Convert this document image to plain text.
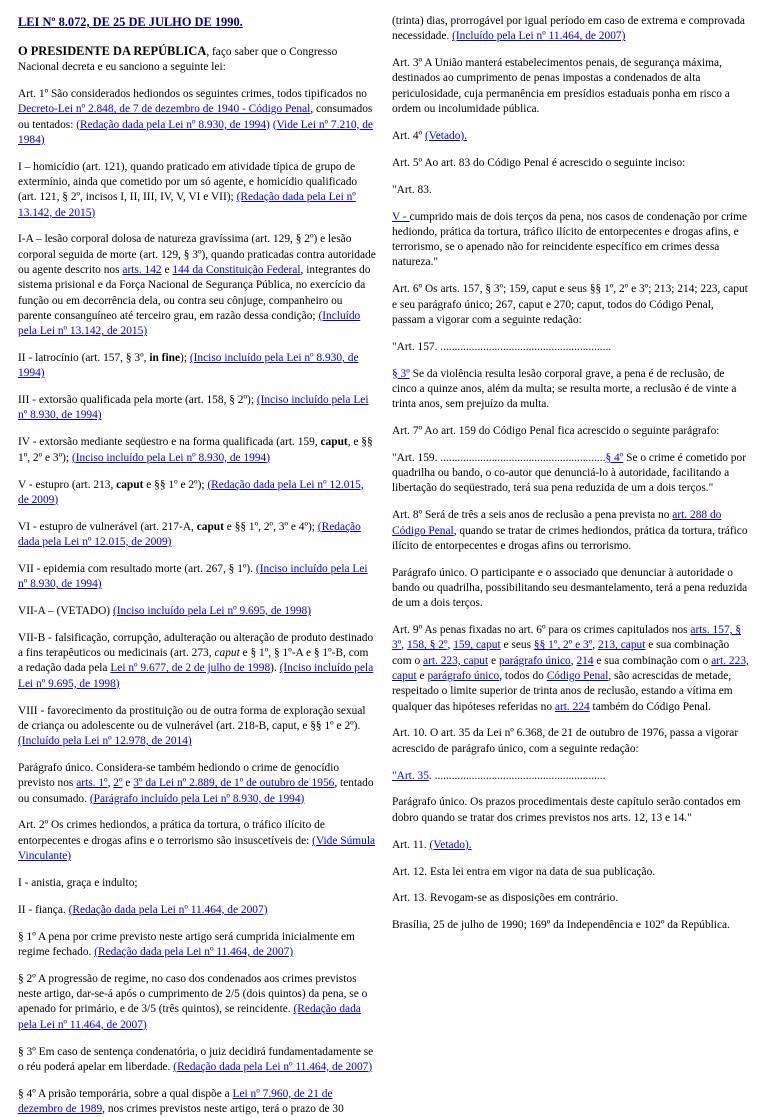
LEI Nº 8.072, DE 25 DE JULHO DE 1990.

O PRESIDENTE DA REPÚBLICA, faço saber que o Congresso Nacional decreta e eu sanciono a seguinte lei:

Art. 1º São considerados hediondos os seguintes crimes, todos tipificados no Decreto-Lei nº 2.848, de 7 de dezembro de 1940 - Código Penal, consumados ou tentados: (Redação dada pela Lei nº 8.930, de 1994) (Vide Lei nº 7.210, de 1984)

I – homicídio (art. 121), quando praticado em atividade típica de grupo de extermínio, ainda que cometido por um só agente, e homicídio qualificado (art. 121, § 2º, incisos I, II, III, IV, V, VI e VII); (Redação dada pela Lei nº 13.142, de 2015)

I-A – lesão corporal dolosa de natureza gravíssima (art. 129, § 2º) e lesão corporal seguida de morte (art. 129, § 3º), quando praticadas contra autoridade ou agente descrito nos arts. 142 e 144 da Constituição Federal, integrantes do sistema prisional e da Força Nacional de Segurança Pública, no exercício da função ou em decorrência dela, ou contra seu cônjuge, companheiro ou parente consanguíneo até terceiro grau, em razão dessa condição; (Incluído pela Lei nº 13.142, de 2015)

II - latrocínio (art. 157, § 3º, in fine); (Inciso incluído pela Lei nº 8.930, de 1994)

III - extorsão qualificada pela morte (art. 158, § 2º); (Inciso incluído pela Lei nº 8.930, de 1994)

IV - extorsão mediante seqüestro e na forma qualificada (art. 159, caput, e §§ 1º, 2º e 3º); (Inciso incluído pela Lei nº 8.930, de 1994)

V - estupro (art. 213, caput e §§ 1º e 2º); (Redação dada pela Lei nº 12.015, de 2009)

VI - estupro de vulnerável (art. 217-A, caput e §§ 1º, 2º, 3º e 4º); (Redação dada pela Lei nº 12.015, de 2009)

VII - epidemia com resultado morte (art. 267, § 1º). (Inciso incluído pela Lei nº 8.930, de 1994)

VII-A – (VETADO) (Inciso incluído pela Lei nº 9.695, de 1998)

VII-B - falsificação, corrupção, adulteração ou alteração de produto destinado a fins terapêuticos ou medicinais (art. 273, caput e § 1º, § 1º-A e § 1º-B, com a redação dada pela Lei nº 9.677, de 2 de julho de 1998). (Inciso incluído pela Lei nº 9.695, de 1998)

VIII - favorecimento da prostituição ou de outra forma de exploração sexual de criança ou adolescente ou de vulnerável (art. 218-B, caput, e §§ 1º e 2º). (Incluído pela Lei nº 12.978, de 2014)

Parágrafo único. Considera-se também hediondo o crime de genocídio previsto nos arts. 1º, 2º e 3º da Lei nº 2.889, de 1º de outubro de 1956, tentado ou consumado. (Parágrafo incluído pela Lei nº 8.930, de 1994)

Art. 2º Os crimes hediondos, a prática da tortura, o tráfico ilícito de entorpecentes e drogas afins e o terrorismo são insuscetíveis de: (Vide Súmula Vinculante)

I - anistia, graça e indulto;

II - fiança. (Redação dada pela Lei nº 11.464, de 2007)

§ 1º A pena por crime previsto neste artigo será cumprida inicialmente em regime fechado. (Redação dada pela Lei nº 11.464, de 2007)

§ 2º A progressão de regime, no caso dos condenados aos crimes previstos neste artigo, dar-se-á após o cumprimento de 2/5 (dois quintos) da pena, se o apenado for primário, e de 3/5 (três quintos), se reincidente. (Redação dada pela Lei nº 11.464, de 2007)

§ 3º Em caso de sentença condenatória, o juiz decidirá fundamentadamente se o réu poderá apelar em liberdade. (Redação dada pela Lei nº 11.464, de 2007)

§ 4º A prisão temporária, sobre a qual dispõe a Lei nº 7.960, de 21 de dezembro de 1989, nos crimes previstos neste artigo, terá o prazo de 30

(trinta) dias, prorrogável por igual período em caso de extrema e comprovada necessidade. (Incluído pela Lei nº 11.464, de 2007)

Art. 3º A União manterá estabelecimentos penais, de segurança máxima, destinados ao cumprimento de penas impostas a condenados de alta periculosidade, cuja permanência em presídios estaduais ponha em risco a ordem ou incolumidade pública.

Art. 4º (Vetado).

Art. 5º Ao art. 83 do Código Penal é acrescido o seguinte inciso:

"Art. 83.

V - cumprido mais de dois terços da pena, nos casos de condenação por crime hediondo, prática da tortura, tráfico ilícito de entorpecentes e drogas afins, e terrorismo, se o apenado não for reincidente específico em crimes dessa natureza."

Art. 6º Os arts. 157, § 3º; 159, caput e seus §§ 1º, 2º e 3º; 213; 214; 223, caput e seu parágrafo único; 267, caput e 270; caput, todos do Código Penal, passam a vigorar com a seguinte redação:

"Art. 157. ............................................................

§ 3º Se da violência resulta lesão corporal grave, a pena é de reclusão, de cinco a quinze anos, além da multa; se resulta morte, a reclusão é de vinte a trinta anos, sem prejuízo da multa.

Art. 7º Ao art. 159 do Código Penal fica acrescido o seguinte parágrafo:

"Art. 159. ..........................................................§ 4º Se o crime é cometido por quadrilha ou bando, o co-autor que denunciá-lo à autoridade, facilitando a libertação do seqüestrado, terá sua pena reduzida de um a dois terços."

Art. 8º Será de três a seis anos de reclusão a pena prevista no art. 288 do Código Penal, quando se tratar de crimes hediondos, prática da tortura, tráfico ilícito de entorpecentes e drogas afins ou terrorismo.

Parágrafo único. O participante e o associado que denunciar à autoridade o bando ou quadrilha, possibilitando seu desmantelamento, terá a pena reduzida de um a dois terços.

Art. 9º As penas fixadas no art. 6º para os crimes capitulados nos arts. 157, § 3º, 158, § 2º, 159, caput e seus §§ 1º, 2º e 3º, 213, caput e sua combinação com o art. 223, caput e parágrafo único, 214 e sua combinação com o art. 223, caput e parágrafo único, todos do Código Penal, são acrescidas de metade, respeitado o limite superior de trinta anos de reclusão, estando a vítima em qualquer das hipóteses referidas no art. 224 também do Código Penal.

Art. 10. O art. 35 da Lei nº 6.368, de 21 de outubro de 1976, passa a vigorar acrescido de parágrafo único, com a seguinte redação:

"Art. 35. ............................................................

Parágrafo único. Os prazos procedimentais deste capítulo serão contados em dobro quando se tratar dos crimes previstos nos arts. 12, 13 e 14."

Art. 11. (Vetado).

Art. 12. Esta lei entra em vigor na data de sua publicação.

Art. 13. Revogam-se as disposições em contrário.

Brasília, 25 de julho de 1990; 169º da Independência e 102º da República.
